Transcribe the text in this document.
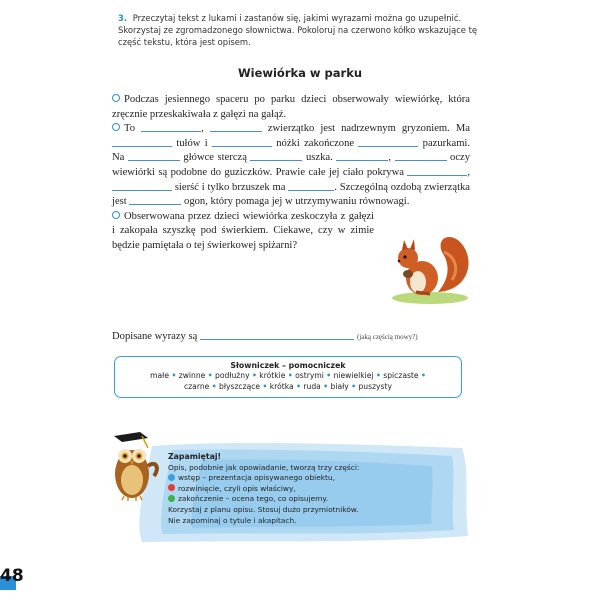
3. Przeczytaj tekst z lukami i zastanów się, jakimi wyrazami można go uzupełnić. Skorzystaj ze zgromadzonego słownictwa. Pokoloruj na czerwono kółko wskazujące tę część tekstu, która jest opisem.
Wiewiórka w parku

Podczas jesiennego spaceru po parku dzieci obserwowały wiewiórkę, która zręcznie przeskakiwała z gałęzi na gałąź.

To	,	zwierzątko jest nadrzewnym gryzoniem. Ma  tułów i	nóżki zakończone	pazurkami. Na	główce sterczą	uszka.	,	oczy wiewiórki są podobne do guziczków. Prawie całe jej ciało pokrywa	,  sierść i tylko brzuszek ma	. Szczególną ozdobą zwierzątka jest	ogon, który pomaga jej w utrzymywaniu równowagi.

Obserwowana przez dzieci wiewiórka zeskoczyła z gałęzi i zakopała szyszkę pod świerkiem. Ciekawe, czy w zimie będzie pamiętała o tej świerkowej spiżarni?

Dopisane wyrazy są	(jaką częścią mowy?)
Słowniczek – pomocniczek
małe • zwinne • podłużny • krótkie • ostrymi • niewielkiej • spiczaste •
czarne • błyszczące • krótka • ruda • biały • puszysty
Zapamiętaj!
Opis, podobnie jak opowiadanie, tworzą trzy części:
wstęp – prezentacja opisywanego obiektu,
rozwinięcie, czyli opis właściwy,
zakończenie – ocena tego, co opisujemy.
Korzystaj z planu opisu. Stosuj dużo przymiotników.
Nie zapominaj o tytule i akapitach.
48
